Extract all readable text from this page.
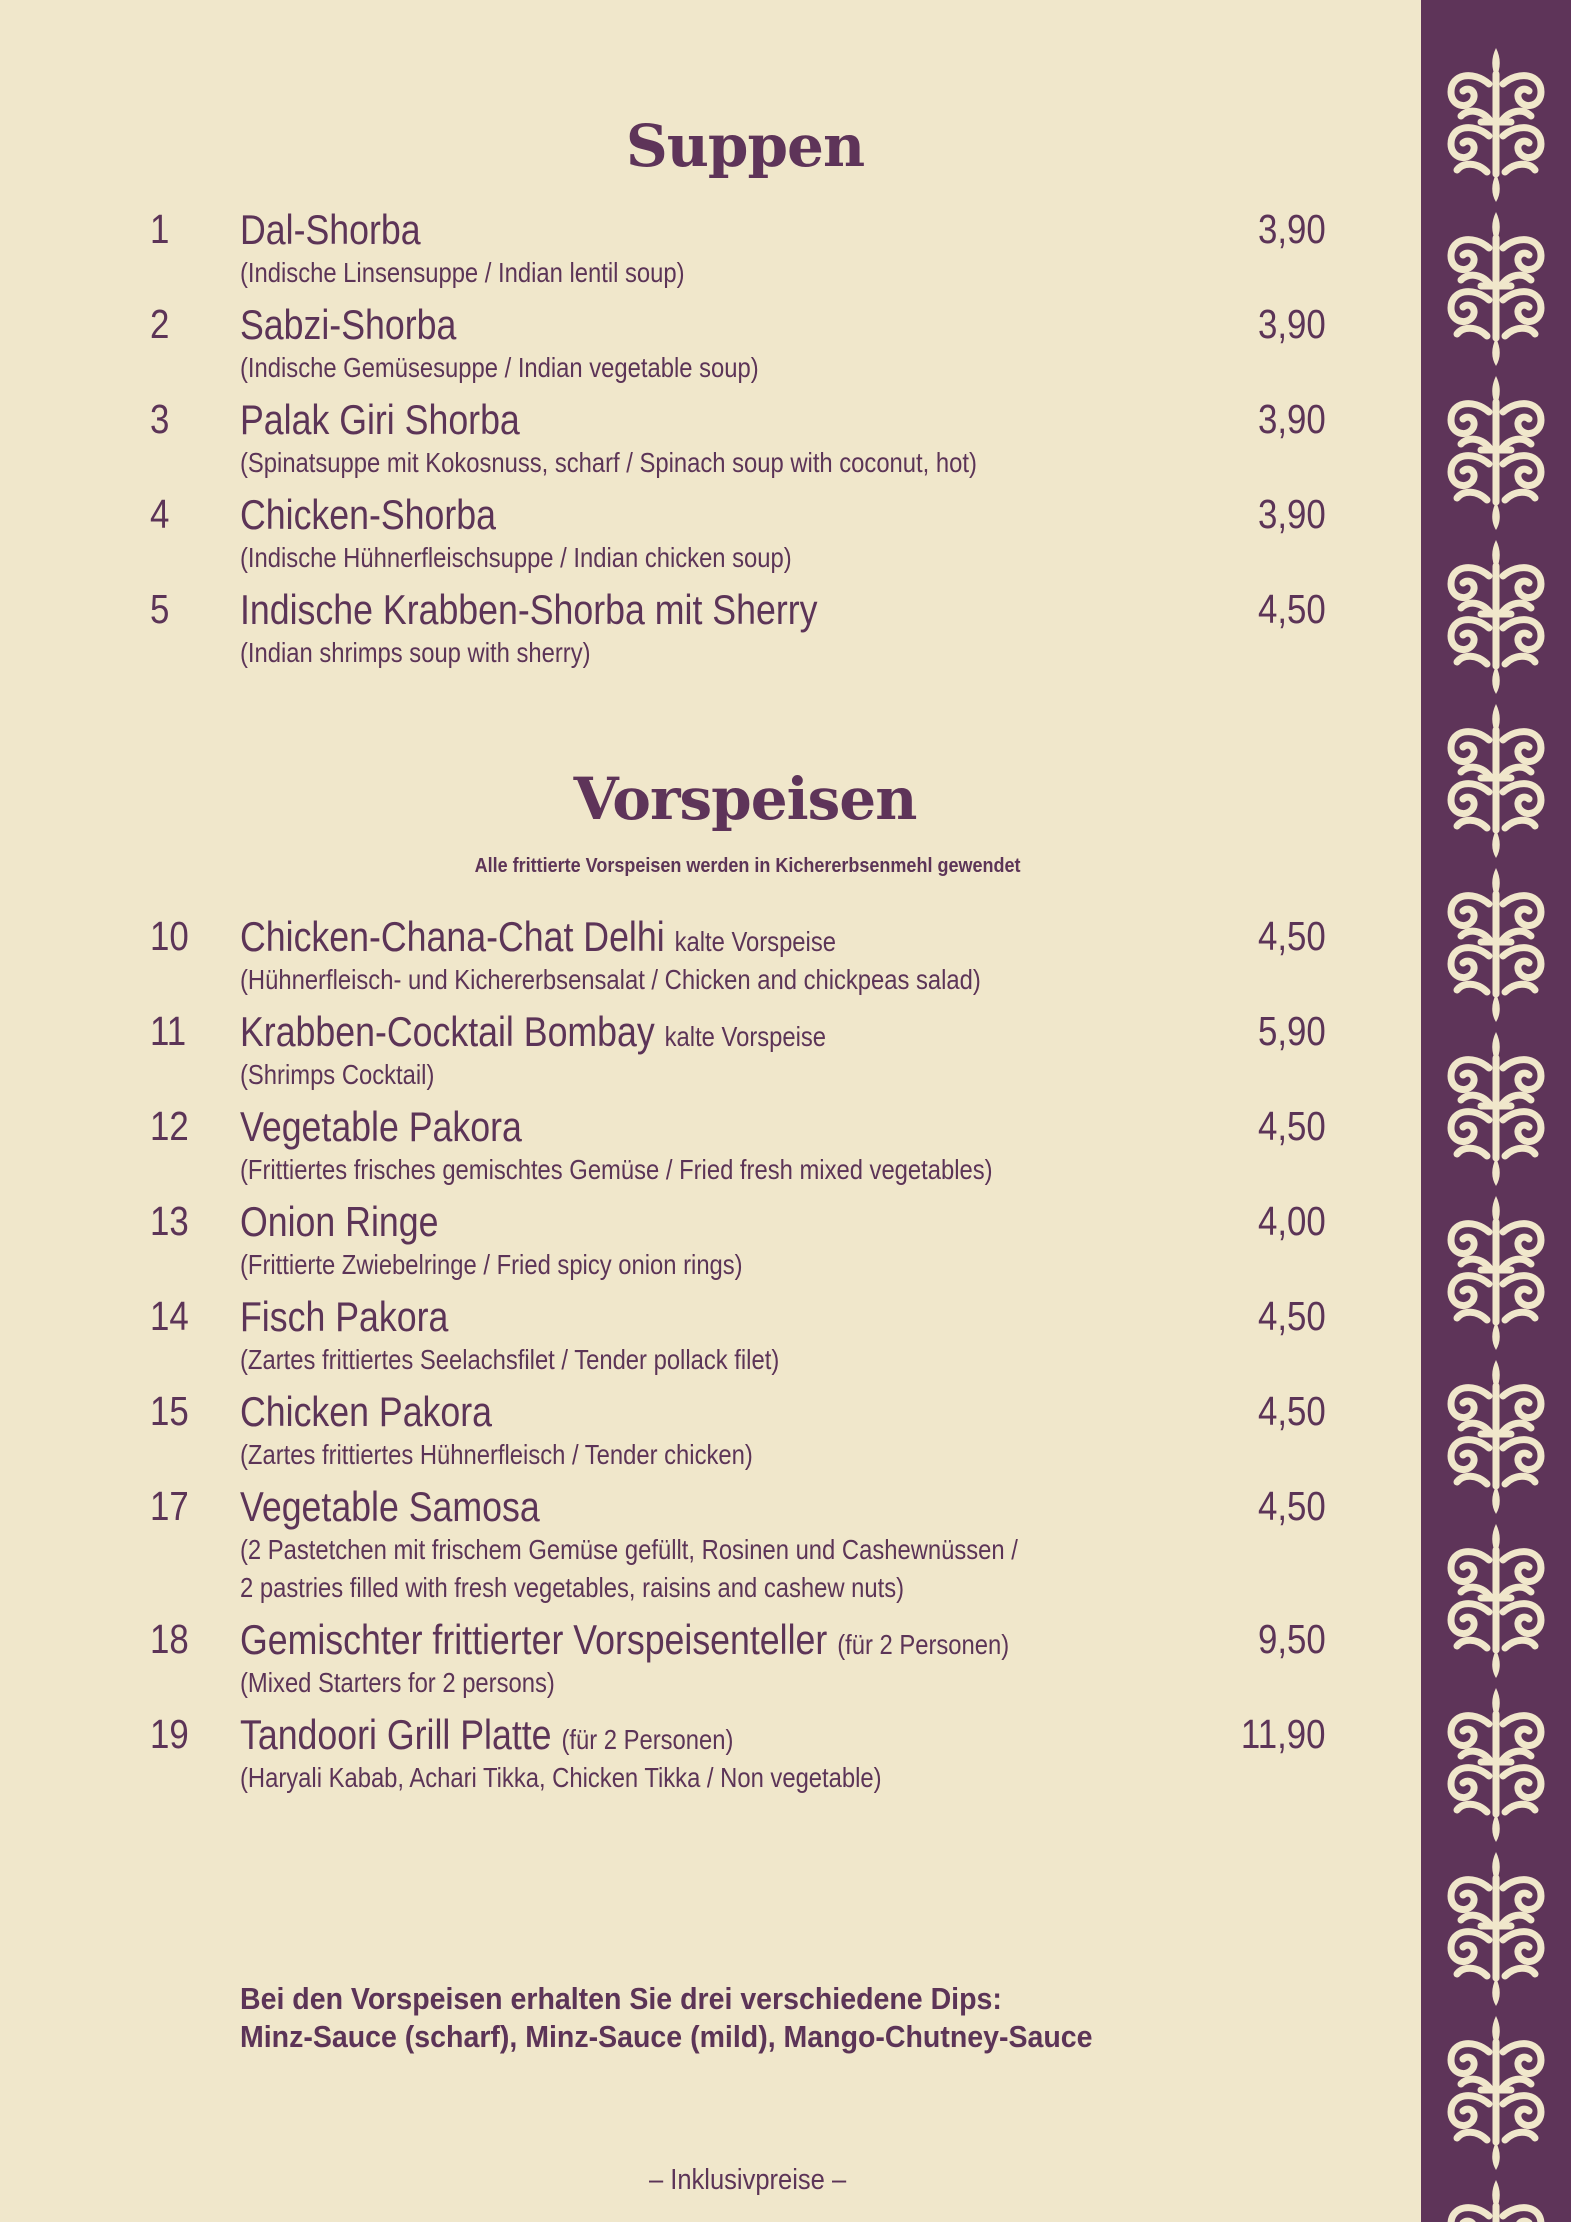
Suppen
1 Dal-Shorba	3,90
(Indische Linsensuppe / Indian lentil soup)
2 Sabzi-Shorba	3,90
(Indische Gemüsesuppe / Indian vegetable soup)
3 Palak Giri Shorba	3,90
(Spinatsuppe mit Kokosnuss, scharf / Spinach soup with coconut, hot)
4 Chicken-Shorba	3,90
(Indische Hühnerfleischsuppe / Indian chicken soup)
5 Indische Krabben-Shorba mit Sherry	4,50
(Indian shrimps soup with sherry)
Vorspeisen
Alle frittierte Vorspeisen werden in Kichererbsenmehl gewendet
10 Chicken-Chana-Chat Delhi kalte Vorspeise	4,50
(Hühnerfleisch- und Kichererbsensalat / Chicken and chickpeas salad)
11 Krabben-Cocktail Bombay kalte Vorspeise	5,90
(Shrimps Cocktail)
12 Vegetable Pakora	4,50
(Frittiertes frisches gemischtes Gemüse / Fried fresh mixed vegetables)
13 Onion Ringe	4,00
(Frittierte Zwiebelringe / Fried spicy onion rings)
14 Fisch Pakora	4,50
(Zartes frittiertes Seelachsfilet / Tender pollack filet)
15 Chicken Pakora	4,50
(Zartes frittiertes Hühnerfleisch / Tender chicken)
17 Vegetable Samosa	4,50
(2 Pastetchen mit frischem Gemüse gefüllt, Rosinen und Cashewnüssen /
2 pastries filled with fresh vegetables, raisins and cashew nuts)
18 Gemischter frittierter Vorspeisenteller (für 2 Personen)	9,50
(Mixed Starters for 2 persons)
19 Tandoori Grill Platte (für 2 Personen)	11,90
(Haryali Kabab, Achari Tikka, Chicken Tikka / Non vegetable)
Bei den Vorspeisen erhalten Sie drei verschiedene Dips:
Minz-Sauce (scharf), Minz-Sauce (mild), Mango-Chutney-Sauce
– Inklusivpreise –
